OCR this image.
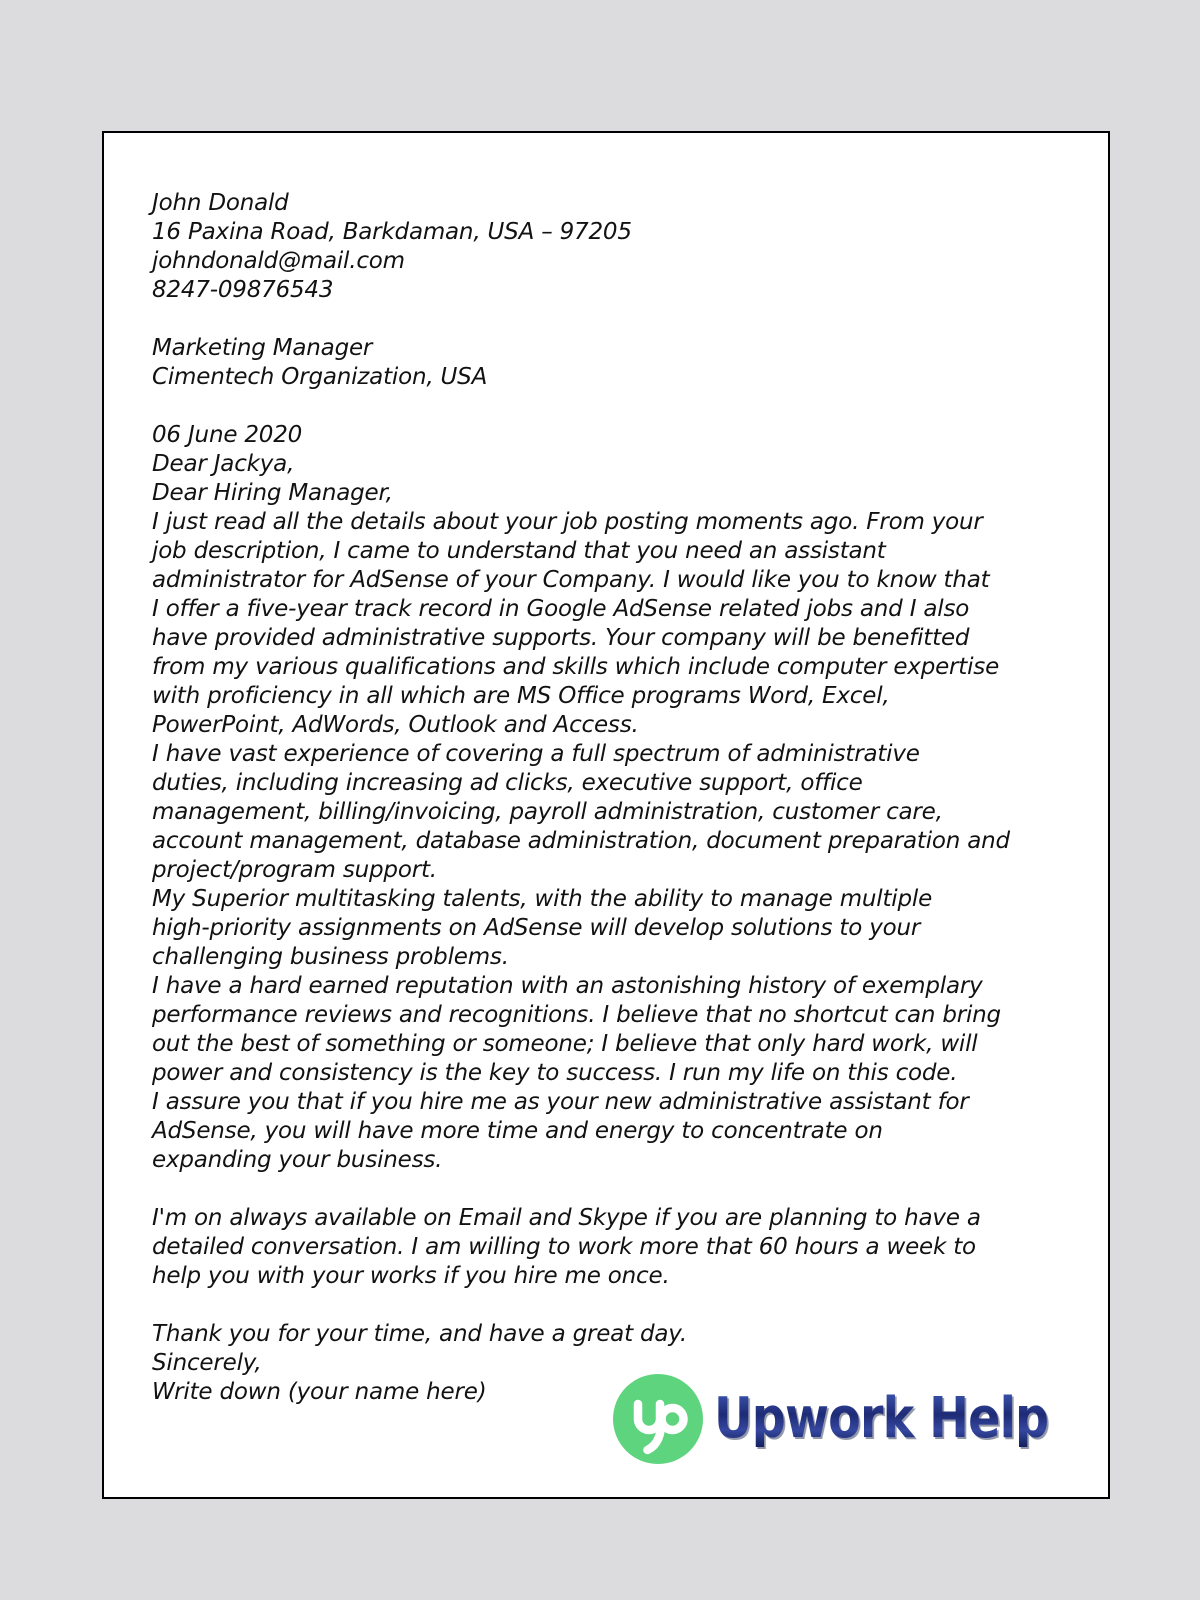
John Donald
16 Paxina Road, Barkdaman, USA – 97205
johndonald@mail.com
8247-09876543
Marketing Manager
Cimentech Organization, USA
06 June 2020
Dear Jackya,
Dear Hiring Manager,
I just read all the details about your job posting moments ago. From your
job description, I came to understand that you need an assistant
administrator for AdSense of your Company. I would like you to know that
I offer a five-year track record in Google AdSense related jobs and I also
have provided administrative supports. Your company will be benefitted
from my various qualifications and skills which include computer expertise
with proficiency in all which are MS Office programs Word, Excel,
PowerPoint, AdWords, Outlook and Access.
I have vast experience of covering a full spectrum of administrative
duties, including increasing ad clicks, executive support, office
management, billing/invoicing, payroll administration, customer care,
account management, database administration, document preparation and
project/program support.
My Superior multitasking talents, with the ability to manage multiple
high-priority assignments on AdSense will develop solutions to your
challenging business problems.
I have a hard earned reputation with an astonishing history of exemplary
performance reviews and recognitions. I believe that no shortcut can bring
out the best of something or someone; I believe that only hard work, will
power and consistency is the key to success. I run my life on this code.
I assure you that if you hire me as your new administrative assistant for
AdSense, you will have more time and energy to concentrate on
expanding your business.
I'm on always available on Email and Skype if you are planning to have a
detailed conversation. I am willing to work more that 60 hours a week to
help you with your works if you hire me once.
Thank you for your time, and have a great day.
Sincerely,
Write down (your name here)	Upwork Help
